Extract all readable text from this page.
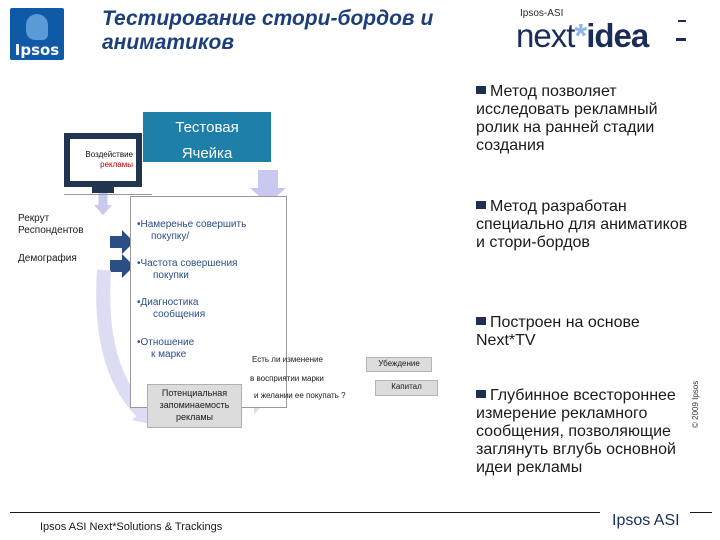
Ipsos
Тестирование стори-бордов и
аниматиков
Ipsos-ASI
next*idea
Воздействие
рекламы
Тестовая
Ячейка
Рекрут
Респондентов
Демография
•Намеренье совершить
покупку/
•Частота совершения
покупки
•Диагностика
сообщения
•Отношение
к марке
Потенциальная
запоминаемость
рекламы
Есть ли изменение
в восприятии марки
и желании ее покупать ?
Убеждение
Капитал
Метод позволяет исследовать рекламный ролик на ранней стадии создания
Метод разработан специально для аниматиков и стори-бордов
Построен на основе Next*TV
Глубинное всестороннее измерение рекламного сообщения, позволяющие заглянуть вглубь основной идеи рекламы
© 2009 Ipsos
Ipsos ASI Next*Solutions & Trackings	Ipsos ASI
